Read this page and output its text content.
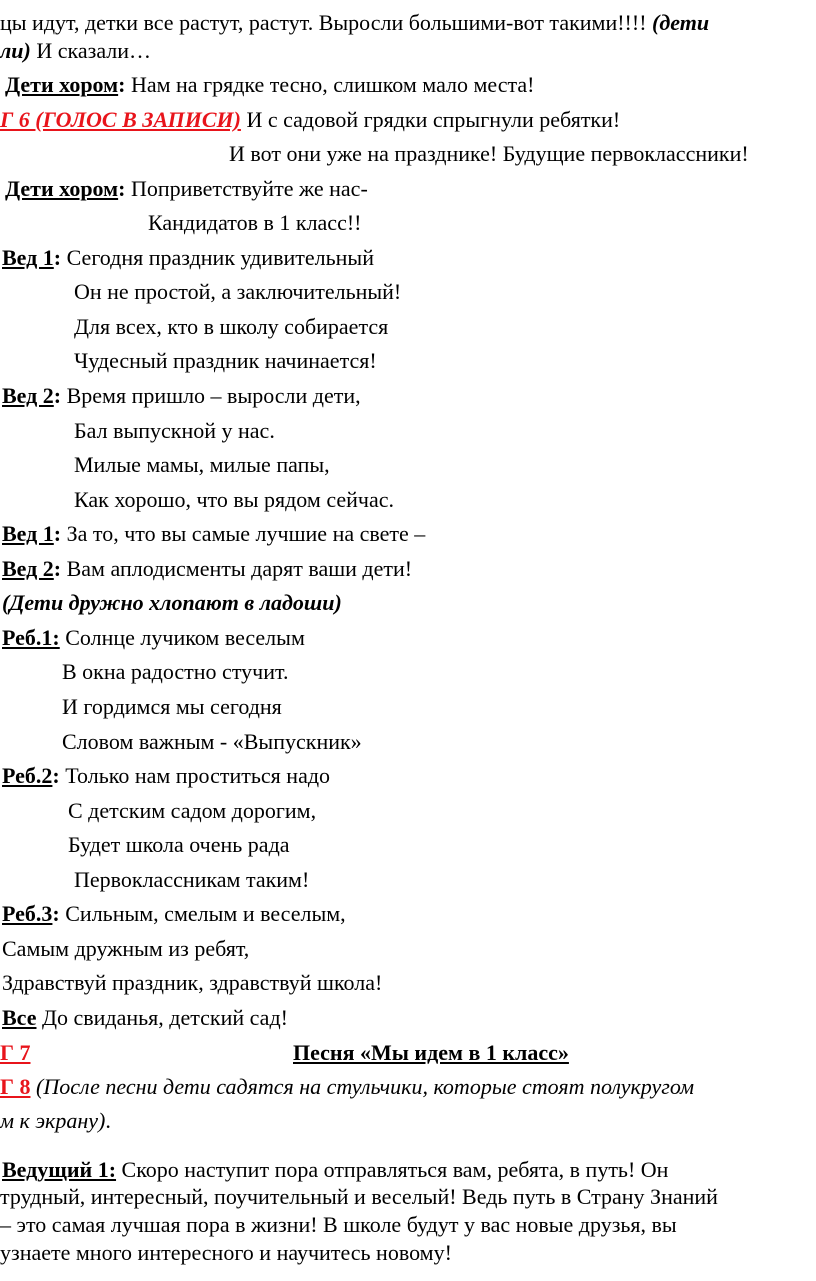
цы идут, детки все растут, растут. Выросли большими-вот такими!!!! (дети
ли) И сказали…
Дети хором: Нам на грядке тесно, слишком мало места!
Г 6 (ГОЛОС В ЗАПИСИ) И с садовой грядки спрыгнули ребятки!
И вот они уже на празднике! Будущие первоклассники!
Дети хором: Поприветствуйте же нас-
Кандидатов в 1 класс!!
Вед 1: Сегодня праздник удивительный
Он не простой, а заключительный!
Для всех, кто в школу собирается
Чудесный праздник начинается!
Вед 2: Время пришло – выросли дети,
Бал выпускной у нас.
Милые мамы, милые папы,
Как хорошо, что вы рядом сейчас.
Вед 1: За то, что вы самые лучшие на свете –
Вед 2: Вам аплодисменты дарят ваши дети!
(Дети дружно хлопают в ладоши)
Реб.1: Солнце лучиком веселым
В окна радостно стучит.
И гордимся мы сегодня
Словом важным - «Выпускник»
Реб.2: Только нам проститься надо
С детским садом дорогим,
Будет школа очень рада
Первоклассникам таким!
Реб.3: Сильным, смелым и веселым,
Самым дружным из ребят,
Здравствуй праздник, здравствуй школа!
Все До свиданья, детский сад!
Г 7	Песня «Мы идем в 1 класс»
Г 8 (После песни дети садятся на стульчики, которые стоят полукругом
м к экрану).
Ведущий 1: Скоро наступит пора отправляться вам, ребята, в путь! Он
трудный, интересный, поучительный и веселый! Ведь путь в Страну Знаний
– это самая лучшая пора в жизни! В школе будут у вас новые друзья, вы
узнаете много интересного и научитесь новому!
